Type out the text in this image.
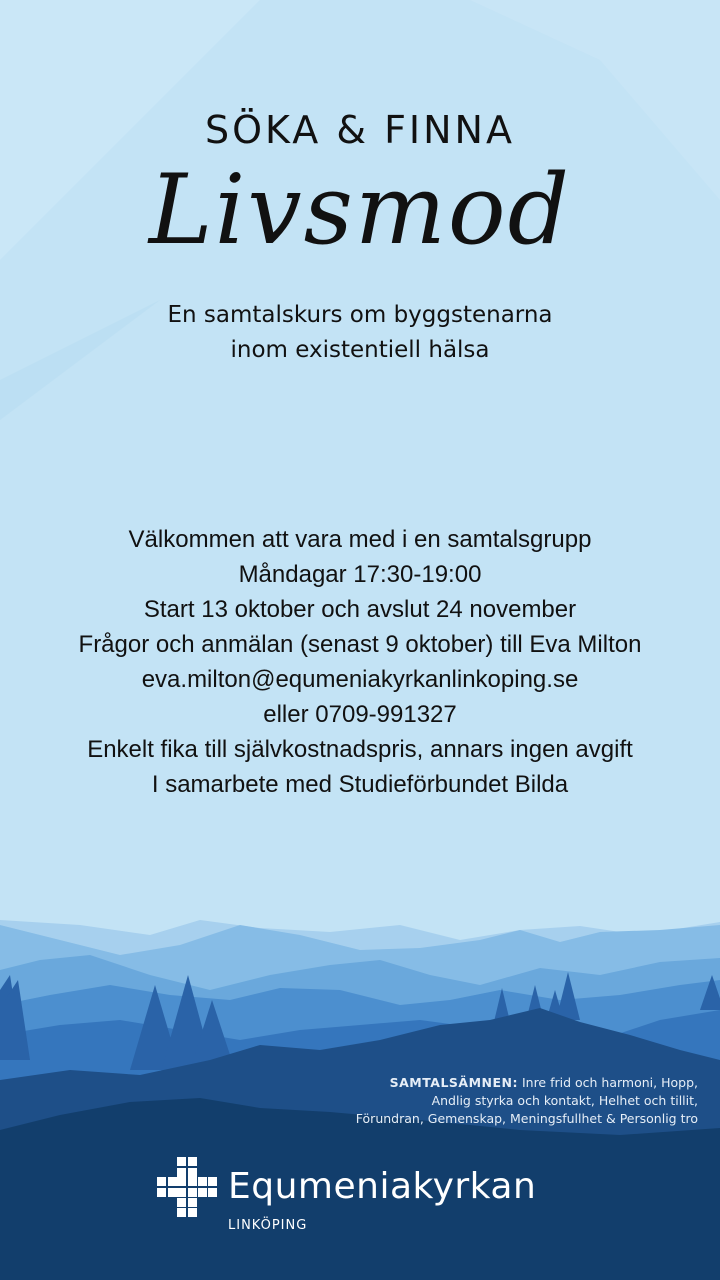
SÖKA & FINNA
Livsmod
En samtalskurs om byggstenarna
inom existentiell hälsa
Välkommen att vara med i en samtalsgrupp
Måndagar 17:30-19:00
Start 13 oktober och avslut 24 november
Frågor och anmälan (senast 9 oktober) till Eva Milton
eva.milton@equmeniakyrkanlinkoping.se
eller 0709-991327
Enkelt fika till självkostnadspris, annars ingen avgift
I samarbete med Studieförbundet Bilda
SAMTALSÄMNEN: Inre frid och harmoni, Hopp,
Andlig styrka och kontakt, Helhet och tillit,
Förundran, Gemenskap, Meningsfullhet & Personlig tro
Equmeniakyrkan
LINKÖPING
